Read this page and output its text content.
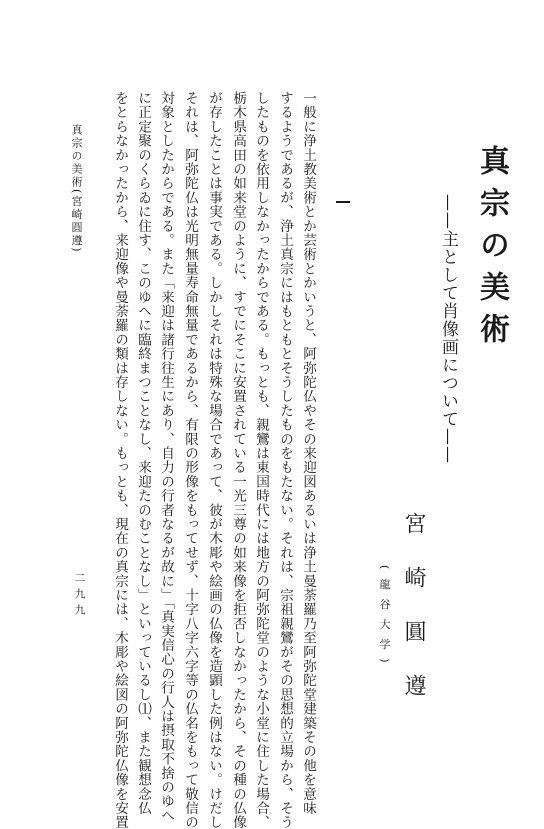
真宗の美術
——主として肖像画について——
宮崎圓遵
(龍谷大学)
一般に浄土教美術とか芸術とかいうと、阿弥陀仏やその来迎図あるいは浄土曼荼羅乃至阿弥陀堂建築その他を意味
するようであるが、浄土真宗にはもともとそうしたものをもたない。それは、宗祖親鸞がその思想的立場から、そう
したものを依用しなかったからである。もっとも、親鸞は東国時代には地方の阿弥陀堂のような小堂に住した場合、
栃木県高田の如来堂のように、すでにそこに安置されている一光三尊の如来像を拒否しなかったから、その種の仏像
が存したことは事実である。しかしそれは特殊な場合であって、彼が木彫や絵画の仏像を造顕した例はない。けだし
それは、阿弥陀仏は光明無量寿命無量であるから、有限の形像をもってせず、十字八字六字等の仏名をもって敬信の
対象としたからである。また「来迎は諸行往生にあり、自力の行者なるが故に」「真実信心の行人は摂取不捨のゆへ
に正定聚のくらゐに住す、このゆへに臨終まつことなし、来迎たのむことなし」といっているし⑴、また観想念仏
をとらなかったから、来迎像や曼荼羅の類は存しない。もっとも、現在の真宗には、木彫や絵図の阿弥陀仏像を安置
真宗の美術(宮崎圓遵)
二九九
